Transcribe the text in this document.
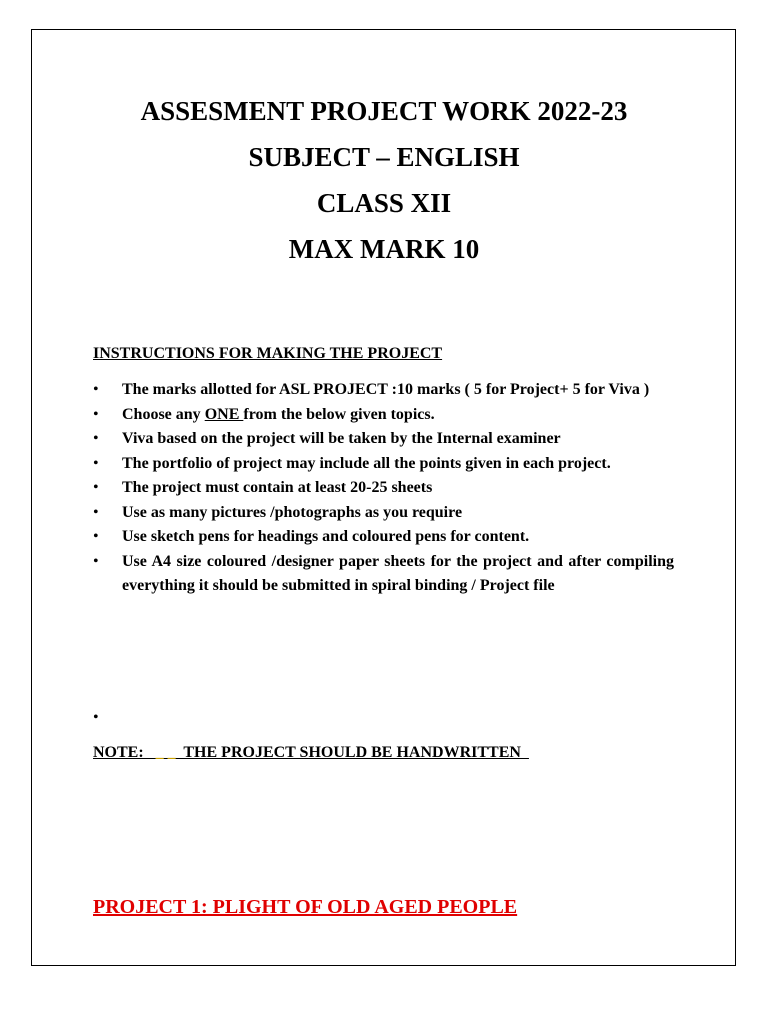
ASSESMENT PROJECT WORK 2022-23

SUBJECT – ENGLISH

CLASS XII

MAX MARK 10

INSTRUCTIONS FOR MAKING THE PROJECT

• The marks allotted for ASL PROJECT :10 marks ( 5 for Project+ 5 for Viva )
• Choose any ONE from the below given topics.
• Viva based on the project will be taken by the Internal examiner
• The portfolio of project may include all the points given in each project.
• The project must contain at least 20-25 sheets
• Use as many pictures /photographs as you require
• Use sketch pens for headings and coloured pens for content.
• Use A4 size coloured /designer paper sheets for the project and after compiling everything it should be submitted in spiral binding / Project file
•

NOTE:   _ _  THE PROJECT SHOULD BE HANDWRITTEN

PROJECT 1: PLIGHT OF OLD AGED PEOPLE
